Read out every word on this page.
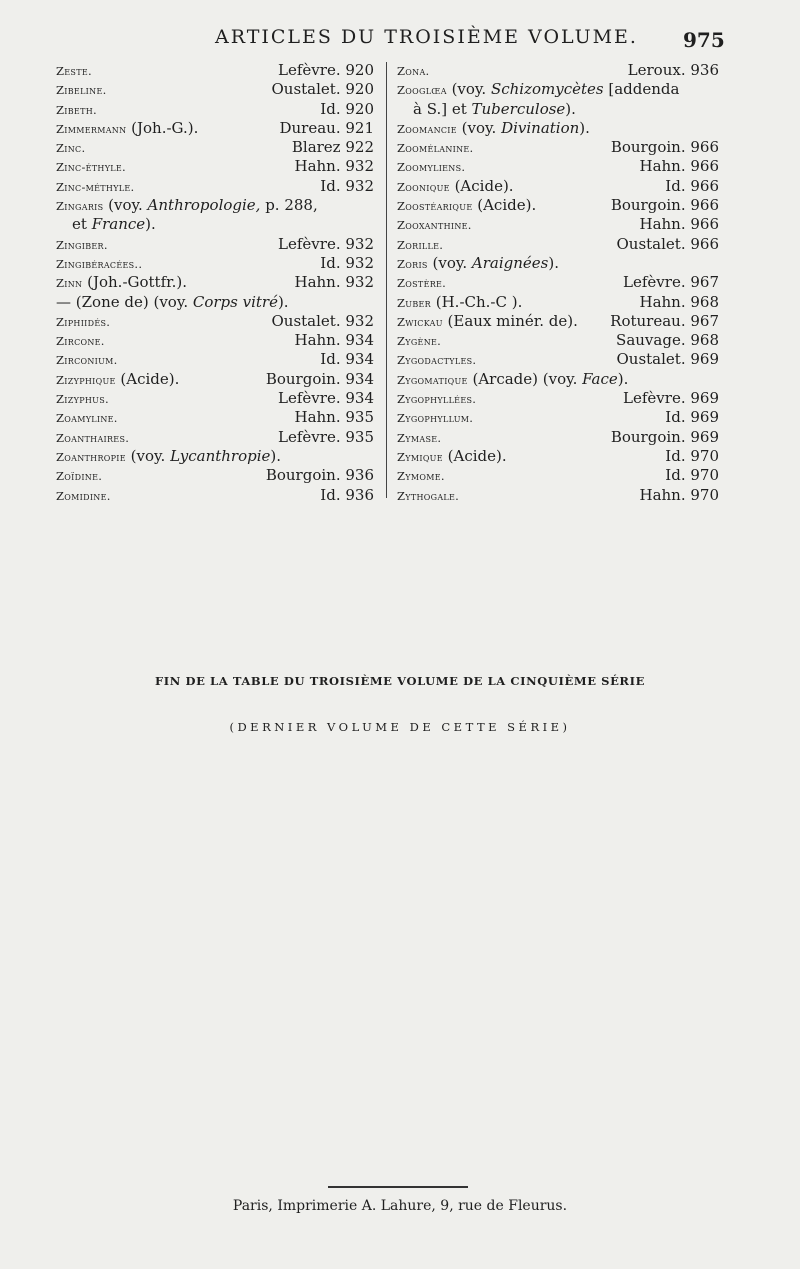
ARTICLES DU TROISIÈME VOLUME. 975
Zeste.	Lefèvre. 920
Zibeline.	Oustalet. 920
Zibeth.	Id. 920
Zimmermann (Joh.-G.).	Dureau. 921
Zinc.	Blarez 922
Zinc-éthyle.	Hahn. 932
Zinc-méthyle.	Id. 932
Zingaris (voy. Anthropologie, p. 288,
et France).
Zingiber.	Lefèvre. 932
Zingibéracées..	Id. 932
Zinn (Joh.-Gottfr.).	Hahn. 932
— (Zone de) (voy. Corps vitré).
Ziphiidés.	Oustalet. 932
Zircone.	Hahn. 934
Zirconium.	Id. 934
Zizyphique (Acide).	Bourgoin. 934
Zizyphus.	Lefèvre. 934
Zoamyline.	Hahn. 935
Zoanthaires.	Lefèvre. 935
Zoanthropie (voy. Lycanthropie).
Zoïdine.	Bourgoin. 936
Zomidine.	Id. 936
Zona.	Leroux. 936
Zooglœa (voy. Schizomycètes [addenda
à S.] et Tuberculose).
Zoomancie (voy. Divination).
Zoomélanine.	Bourgoin. 966
Zoomyliens.	Hahn. 966
Zoonique (Acide).	Id. 966
Zoostéarique (Acide).	Bourgoin. 966
Zooxanthine.	Hahn. 966
Zorille.	Oustalet. 966
Zoris (voy. Araignées).
Zostère.	Lefèvre. 967
Zuber (H.-Ch.-C ).	Hahn. 968
Zwickau (Eaux minér. de). Rotureau. 967
Zygène.	Sauvage. 968
Zygodactyles.	Oustalet. 969
Zygomatique (Arcade) (voy. Face).
Zygophyllées.	Lefèvre. 969
Zygophyllum.	Id. 969
Zymase.	Bourgoin. 969
Zymique (Acide).	Id. 970
Zymome.	Id. 970
Zythogale.	Hahn. 970
FIN DE LA TABLE DU TROISIÈME VOLUME DE LA CINQUIÈME SÉRIE
(DERNIER VOLUME DE CETTE SÉRIE)
Paris, Imprimerie A. Lahure, 9, rue de Fleurus.
